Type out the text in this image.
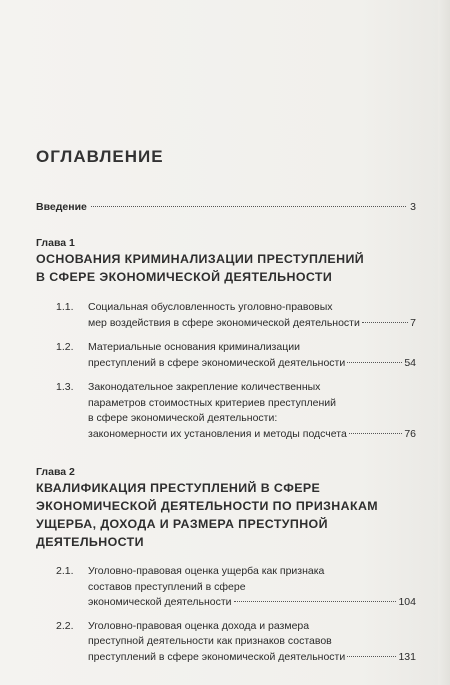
ОГЛАВЛЕНИЕ
Введение	3

Глава 1

ОСНОВАНИЯ КРИМИНАЛИЗАЦИИ ПРЕСТУПЛЕНИЙ
В СФЕРЕ ЭКОНОМИЧЕСКОЙ ДЕЯТЕЛЬНОСТИ

1.1. Социальная обусловленность уголовно-правовых
мер воздействия в сфере экономической деятельности	7
1.2. Материальные основания криминализации
преступлений в сфере экономической деятельности	54
1.3. Законодательное закрепление количественных
параметров стоимостных критериев преступлений
в сфере экономической деятельности:
закономерности их установления и методы подсчета	76

Глава 2

КВАЛИФИКАЦИЯ ПРЕСТУПЛЕНИЙ В СФЕРЕ
ЭКОНОМИЧЕСКОЙ ДЕЯТЕЛЬНОСТИ ПО ПРИЗНАКАМ
УЩЕРБА, ДОХОДА И РАЗМЕРА ПРЕСТУПНОЙ
ДЕЯТЕЛЬНОСТИ

2.1. Уголовно-правовая оценка ущерба как признака
составов преступлений в сфере
экономической деятельности	104
2.2. Уголовно-правовая оценка дохода и размера
преступной деятельности как признаков составов
преступлений в сфере экономической деятельности	131
